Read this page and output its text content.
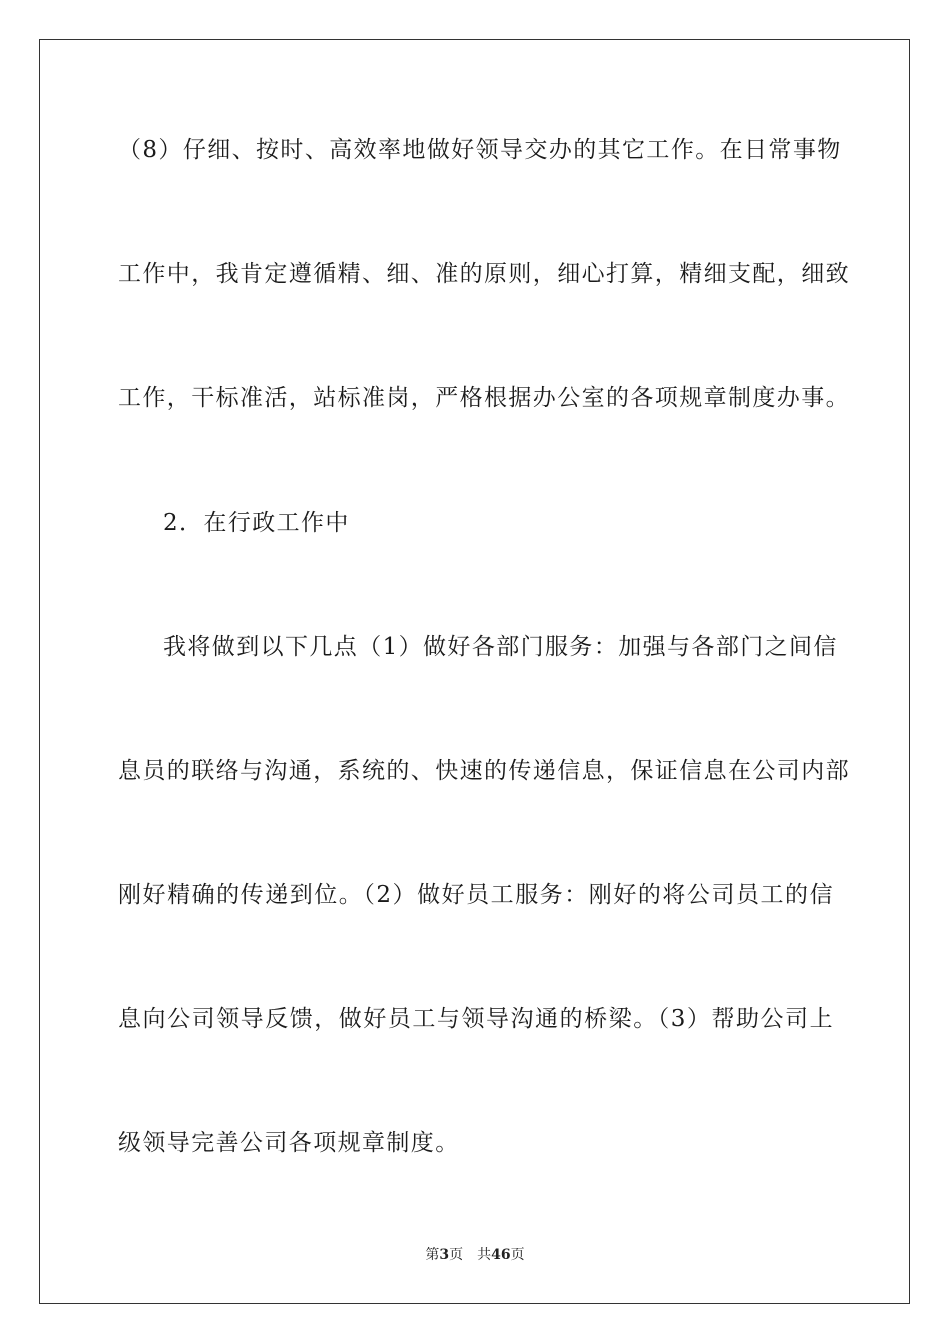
（8）仔细、按时、高效率地做好领导交办的其它工作。在日常事物
工作中，我肯定遵循精、细、准的原则，细心打算，精细支配，细致
工作，干标准活，站标准岗，严格根据办公室的各项规章制度办事。
2．在行政工作中
我将做到以下几点（1）做好各部门服务：加强与各部门之间信
息员的联络与沟通，系统的、快速的传递信息，保证信息在公司内部
刚好精确的传递到位。（2）做好员工服务：刚好的将公司员工的信
息向公司领导反馈，做好员工与领导沟通的桥梁。（3）帮助公司上
级领导完善公司各项规章制度。
第3页　共46页
